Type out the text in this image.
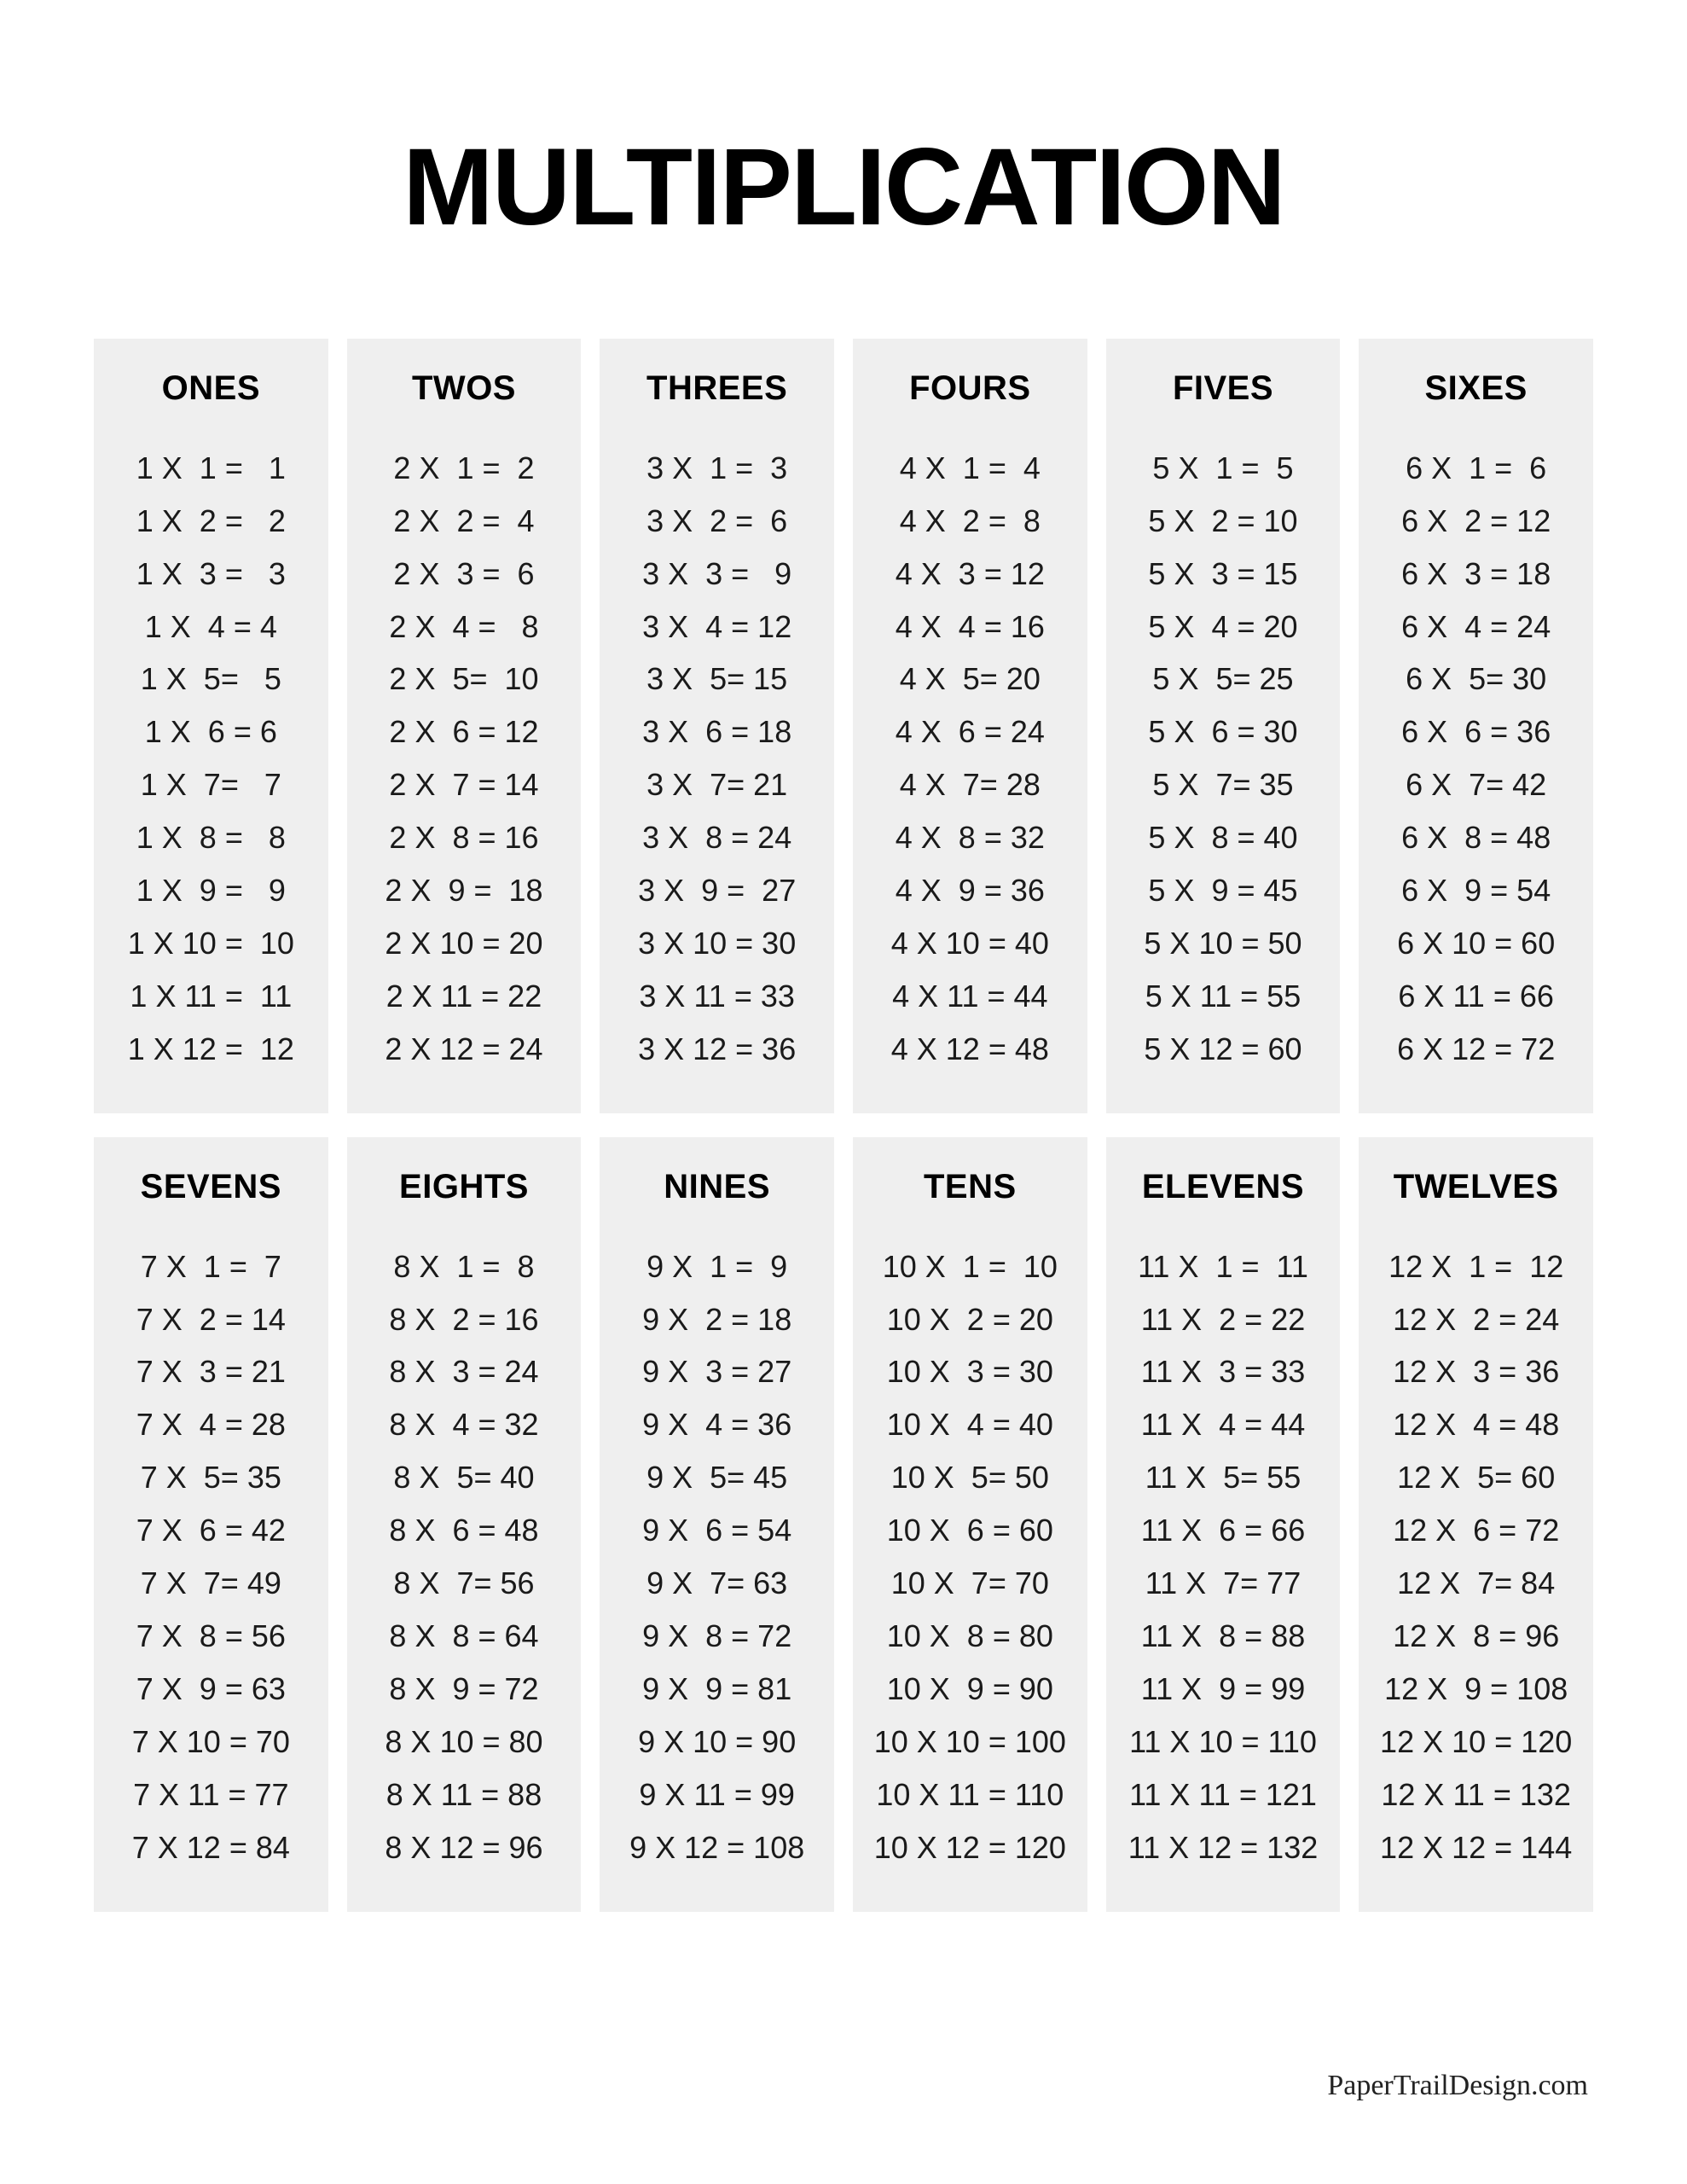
MULTIPLICATION
ONES
1 X  1 =   1
1 X  2 =   2
1 X  3 =   3
1 X  4 = 4
1 X  5=   5
1 X  6 = 6
1 X  7=   7
1 X  8 =   8
1 X  9 =   9
1 X 10 =  10
1 X 11 =  11
1 X 12 =  12
TWOS
2 X  1 =  2
2 X  2 =  4
2 X  3 =  6
2 X  4 =   8
2 X  5=  10
2 X  6 = 12
2 X  7 = 14
2 X  8 = 16
2 X  9 =  18
2 X 10 = 20
2 X 11 = 22
2 X 12 = 24
THREES
3 X  1 =  3
3 X  2 =  6
3 X  3 =   9
3 X  4 = 12
3 X  5= 15
3 X  6 = 18
3 X  7= 21
3 X  8 = 24
3 X  9 =  27
3 X 10 = 30
3 X 11 = 33
3 X 12 = 36
FOURS
4 X  1 =  4
4 X  2 =  8
4 X  3 = 12
4 X  4 = 16
4 X  5= 20
4 X  6 = 24
4 X  7= 28
4 X  8 = 32
4 X  9 = 36
4 X 10 = 40
4 X 11 = 44
4 X 12 = 48
FIVES
5 X  1 =  5
5 X  2 = 10
5 X  3 = 15
5 X  4 = 20
5 X  5= 25
5 X  6 = 30
5 X  7= 35
5 X  8 = 40
5 X  9 = 45
5 X 10 = 50
5 X 11 = 55
5 X 12 = 60
SIXES
6 X  1 =  6
6 X  2 = 12
6 X  3 = 18
6 X  4 = 24
6 X  5= 30
6 X  6 = 36
6 X  7= 42
6 X  8 = 48
6 X  9 = 54
6 X 10 = 60
6 X 11 = 66
6 X 12 = 72
SEVENS
7 X  1 =  7
7 X  2 = 14
7 X  3 = 21
7 X  4 = 28
7 X  5= 35
7 X  6 = 42
7 X  7= 49
7 X  8 = 56
7 X  9 = 63
7 X 10 = 70
7 X 11 = 77
7 X 12 = 84
EIGHTS
8 X  1 =  8
8 X  2 = 16
8 X  3 = 24
8 X  4 = 32
8 X  5= 40
8 X  6 = 48
8 X  7= 56
8 X  8 = 64
8 X  9 = 72
8 X 10 = 80
8 X 11 = 88
8 X 12 = 96
NINES
9 X  1 =  9
9 X  2 = 18
9 X  3 = 27
9 X  4 = 36
9 X  5= 45
9 X  6 = 54
9 X  7= 63
9 X  8 = 72
9 X  9 = 81
9 X 10 = 90
9 X 11 = 99
9 X 12 = 108
TENS
10 X  1 =  10
10 X  2 = 20
10 X  3 = 30
10 X  4 = 40
10 X  5= 50
10 X  6 = 60
10 X  7= 70
10 X  8 = 80
10 X  9 = 90
10 X 10 = 100
10 X 11 = 110
10 X 12 = 120
ELEVENS
11 X  1 =  11
11 X  2 = 22
11 X  3 = 33
11 X  4 = 44
11 X  5= 55
11 X  6 = 66
11 X  7= 77
11 X  8 = 88
11 X  9 = 99
11 X 10 = 110
11 X 11 = 121
11 X 12 = 132
TWELVES
12 X  1 =  12
12 X  2 = 24
12 X  3 = 36
12 X  4 = 48
12 X  5= 60
12 X  6 = 72
12 X  7= 84
12 X  8 = 96
12 X  9 = 108
12 X 10 = 120
12 X 11 = 132
12 X 12 = 144
PaperTrailDesign.com
